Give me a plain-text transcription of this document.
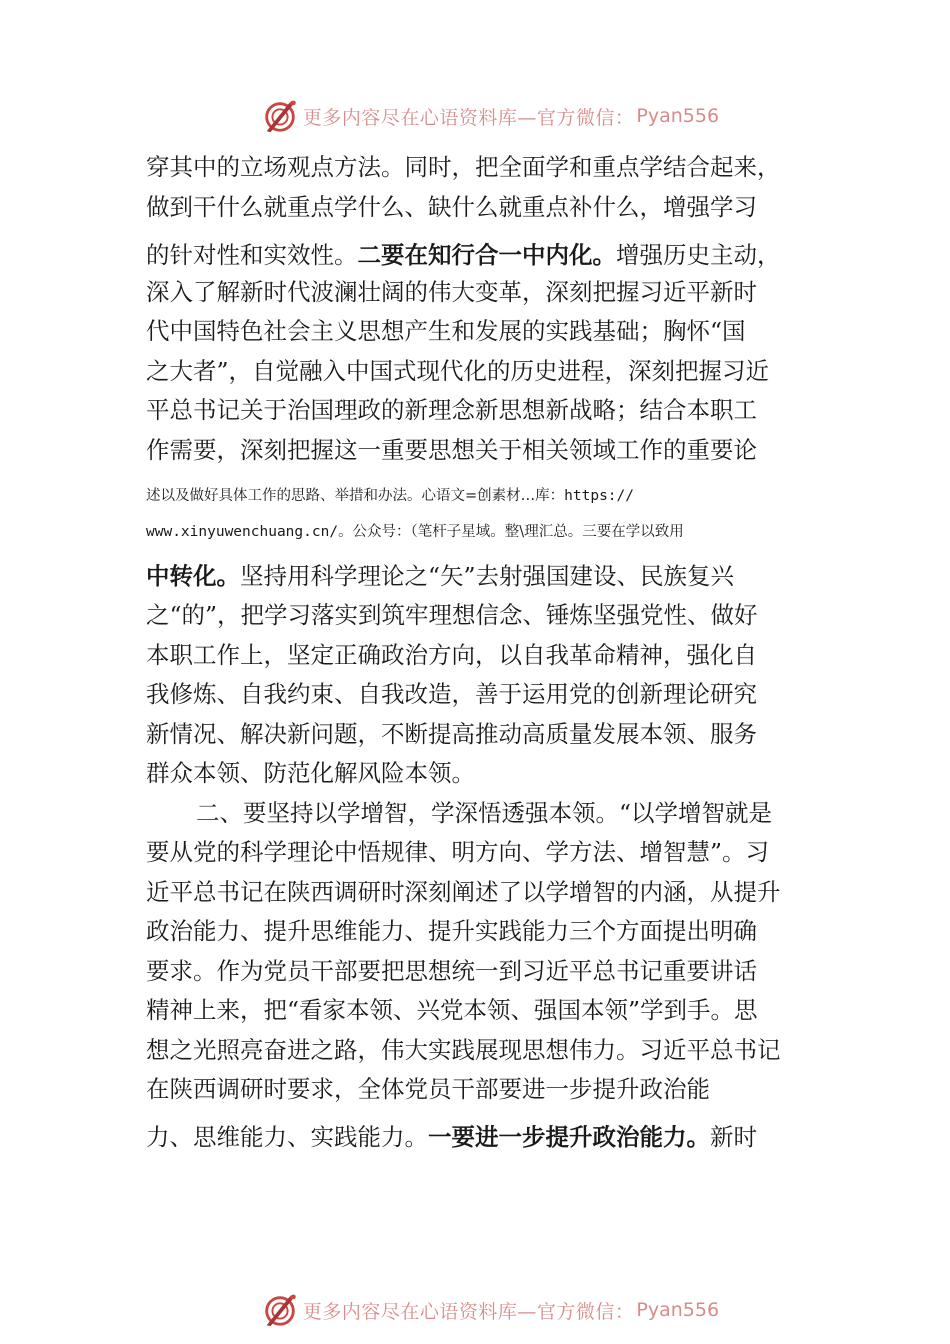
更多内容尽在心语资料库—官方微信： Pyan556
穿其中的立场观点方法。同时，把全面学和重点学结合起来，
做到干什么就重点学什么、缺什么就重点补什么，增强学习
的针对性和实效性。二要在知行合一中内化。增强历史主动，
深入了解新时代波澜壮阔的伟大变革，深刻把握习近平新时
代中国特色社会主义思想产生和发展的实践基础；胸怀“国
之大者”，自觉融入中国式现代化的历史进程，深刻把握习近
平总书记关于治国理政的新理念新思想新战略；结合本职工
作需要，深刻把握这一重要思想关于相关领域工作的重要论
述以及做好具体工作的思路、举措和办法。心语文=创素材…库：https://
www.xinyuwenchuang.cn/。公众号：（笔杆子星域。整\理汇总。三要在学以致用
中转化。坚持用科学理论之“矢”去射强国建设、民族复兴
之“的”，把学习落实到筑牢理想信念、锤炼坚强党性、做好
本职工作上，坚定正确政治方向，以自我革命精神，强化自
我修炼、自我约束、自我改造，善于运用党的创新理论研究
新情况、解决新问题，不断提高推动高质量发展本领、服务
群众本领、防范化解风险本领。
二、要坚持以学增智，学深悟透强本领。“以学增智就是
要从党的科学理论中悟规律、明方向、学方法、增智慧”。习
近平总书记在陕西调研时深刻阐述了以学增智的内涵，从提升
政治能力、提升思维能力、提升实践能力三个方面提出明确
要求。作为党员干部要把思想统一到习近平总书记重要讲话
精神上来，把“看家本领、兴党本领、强国本领”学到手。思
想之光照亮奋进之路，伟大实践展现思想伟力。习近平总书记
在陕西调研时要求，全体党员干部要进一步提升政治能
力、思维能力、实践能力。一要进一步提升政治能力。新时
更多内容尽在心语资料库—官方微信： Pyan556
